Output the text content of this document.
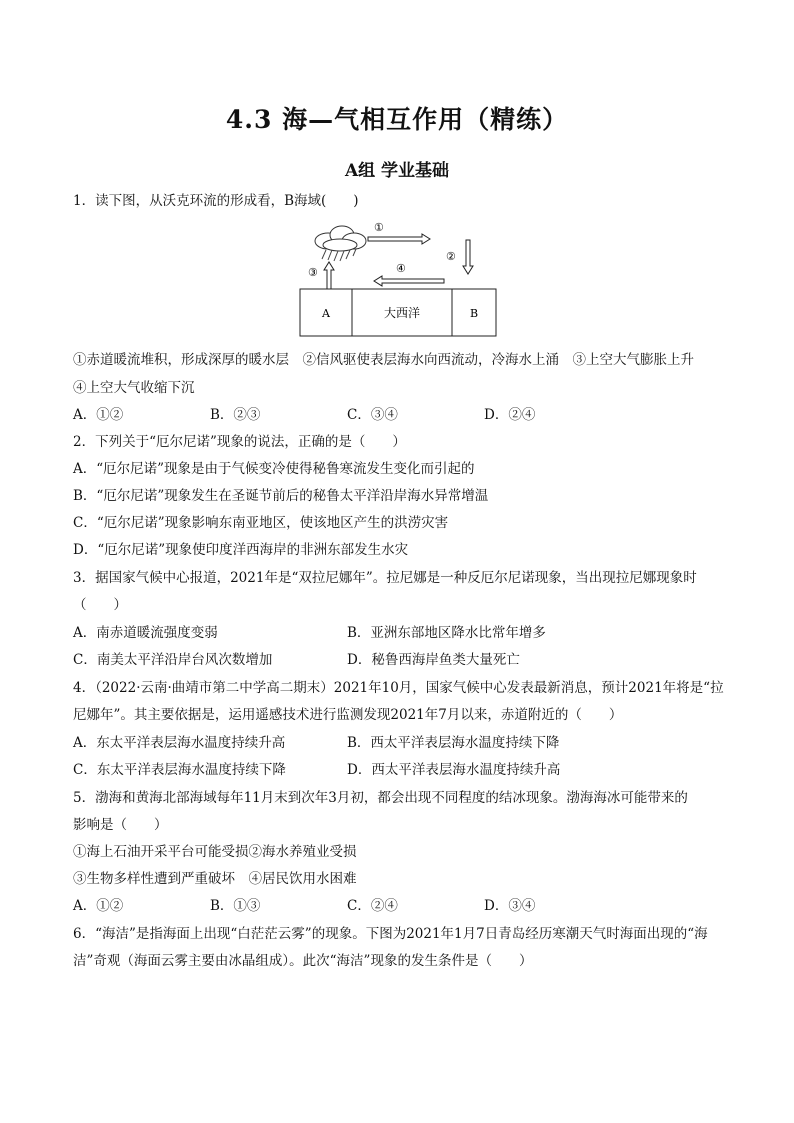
4.3 海—气相互作用（精练）
A组 学业基础
1．读下图，从沃克环流的形成看，B海域(　　)
①
②
④
③
A	大西洋	B
①赤道暖流堆积，形成深厚的暖水层　②信风驱使表层海水向西流动，冷海水上涌　③上空大气膨胀上升
④上空大气收缩下沉
A．①②	B．②③	C．③④	D．②④
2．下列关于“厄尔尼诺”现象的说法，正确的是（　　）
A．“厄尔尼诺”现象是由于气候变冷使得秘鲁寒流发生变化而引起的
B．“厄尔尼诺”现象发生在圣诞节前后的秘鲁太平洋沿岸海水异常增温
C．“厄尔尼诺”现象影响东南亚地区，使该地区产生的洪涝灾害
D．“厄尔尼诺”现象使印度洋西海岸的非洲东部发生水灾
3．据国家气候中心报道，2021年是“双拉尼娜年”。拉尼娜是一种反厄尔尼诺现象，当出现拉尼娜现象时
（　　）
A．南赤道暖流强度变弱	B．亚洲东部地区降水比常年增多
C．南美太平洋沿岸台风次数增加	D．秘鲁西海岸鱼类大量死亡
4．（2022·云南·曲靖市第二中学高二期末）2021年10月，国家气候中心发表最新消息，预计2021年将是“拉
尼娜年”。其主要依据是，运用遥感技术进行监测发现2021年7月以来，赤道附近的（　　）
A．东太平洋表层海水温度持续升高	B．西太平洋表层海水温度持续下降
C．东太平洋表层海水温度持续下降	D．西太平洋表层海水温度持续升高
5．渤海和黄海北部海域每年11月末到次年3月初，都会出现不同程度的结冰现象。渤海海冰可能带来的
影响是（　　）
①海上石油开采平台可能受损②海水养殖业受损
③生物多样性遭到严重破坏　④居民饮用水困难
A．①②	B．①③	C．②④	D．③④
6．“海洁”是指海面上出现“白茫茫云雾”的现象。下图为2021年1月7日青岛经历寒潮天气时海面出现的“海
洁”奇观（海面云雾主要由冰晶组成）。此次“海洁”现象的发生条件是（　　）
